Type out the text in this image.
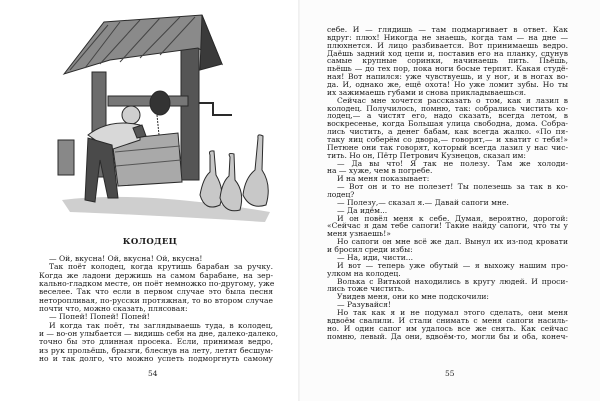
КОЛОДЕЦ
— Ой, вкусна! Ой, вкусна! Ой, вкусна!
Так поёт колодец, когда крутишь барабан за ручку.
Когда же ладони держишь на самом барабане, на зер-
кально-гладком месте, он поёт немножко по-другому, уже
веселее. Так что если в первом случае это была песня
неторопливая, по-русски протяжная, то во втором случае
почти что, можно сказать, плясовая:
— Попей! Попей! Попей!
И когда так поёт, ты заглядываешь туда, в колодец,
и — во-он улыбается — видишь себя на дне, далеко-далеко,
точно бы это длинная просека. Если, принимая ведро,
из рук прольёшь, брызги, блеснув на лету, летят бесшум-
но и так долго, что можно успеть подморгнуть самому
54
себе. И — глядишь — там подмаргивает в ответ. Как
вдруг: плюх! Никогда не знаешь, когда там — на дне —
плюхнется. И лицо разбивается. Вот принимаешь ведро.
Даёшь задний ход цепи и, поставив его на планку, сдунув
самые крупные соринки, начинаешь пить. Пьёшь,
пьёшь — до тех пор, пока ноги босые терпят. Какая студё-
ная! Вот напился: уже чувствуешь, и у ног, и в ногах во-
да. И, однако же, ещё охота! Но уже ломит зубы. Но ты
их зажимаешь губами и снова прикладываешься.
Сейчас мне хочется рассказать о том, как я лазил в
колодец. Получилось, помню, так: собрались чистить ко-
лодец,— а чистят его, надо сказать, всегда летом, в
воскресенье, когда Большая улица свободна, дома. Собра-
лись чистить, а денег бабам, как всегда жалко. «По пя-
таку яиц соберём со двора,— говорят,— и хватит с тебя!»
Петюне они так говорят, который всегда лазил у нас чис-
тить. Но он, Пётр Петрович Кузнецов, сказал им:
— Да вы что! Я так не полезу. Там же холоди-
на — хуже, чем в погребе.
И на меня показывает:
— Вот он и то не полезет! Ты полезешь за так в ко-
лодец?
— Полезу,— сказал я.— Давай сапоги мне.
— Да идём...
И он повёл меня к себе. Думая, вероятно, дорогой:
«Сейчас я дам тебе сапоги! Такие найду сапоги, что ты у
меня узнаешь!»
Но сапоги он мне всё же дал. Вынул их из-под кровати
и бросил среди избы:
— На, иди, чисти...
И вот — теперь уже обутый — я выхожу нашим про-
улком на колодец.
Волька с Витькой находились в кругу людей. И проси-
лись тоже чистить.
Увидев меня, они ко мне подскочили:
— Разувайся!
Но так как я и не подумал этого сделать, они меня
вдвоём свалили. И стали снимать с меня сапоги насиль-
но. И один сапог им удалось все же снять. Как сейчас
помню, левый. Да они, вдвоём-то, могли бы и оба, конеч-
55
